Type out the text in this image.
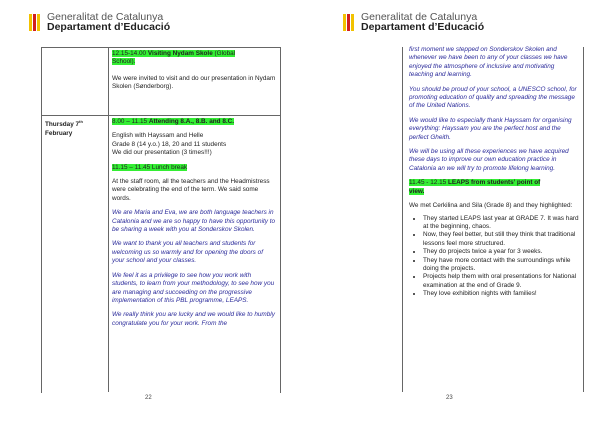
Generalitat de Catalunya
Departament d’Educació

12.15-14.00 Visiting Nydam Skole (Global
School).

We were invited to visit and do our presentation in Nydam Skolen (Sønderborg).

Thursday 7th
February

8.00 – 11.15 Attending 8.A., 8.B. and 8.C.

English with Hayssam and Helle

Grade 8 (14 y.o.) 18, 20 and 11 students

We did our presentation (3 times!!!)

11.15 – 11.45 Lunch break

At the staff room, all the teachers and the Headmistress were celebrating the end of the term. We said some words.

We are Maria and Eva, we are both language teachers in Catalonia and we are so happy to have this opportunity to be sharing a week with you at Sonderskov Skolen.

We want to thank you all teachers and students for welcoming us so warmly and for opening the doors of your school and your classes.

We feel it as a privilege to see how you work with students, to learn from your methodology, to see how you are managing and succeeding on the progressive implementation of this PBL programme, LEAPS.

We really think you are lucky and we would like to humbly congratulate you for your work. From the

22
Generalitat de Catalunya
Departament d’Educació

first moment we stepped on Sonderskov Skolen and whenever we have been to any of your classes we have enjoyed the atmosphere of inclusive and motivating teaching and learning.

You should be proud of your school, a UNESCO school, for promoting education of quality and spreading the message of the United Nations.

We would like to especially thank Hayssam for organising everything: Hayssam you are the perfect host and the perfect Gheith.

We will be using all these experiences we have acquired these days to improve our own education practice in Catalonia an we will try to promote lifelong learning.

11.45 - 12.15 LEAPS from students’ point of
view.

We met Cerkilina and Sila (Grade 8) and they highlighted:

• They started LEAPS last year at GRADE 7. It was hard at the beginning, chaos.
• Now, they feel better, but still they think that traditional lessons feel more structured.
• They do projects twice a year for 3 weeks.
• They have more contact with the surroundings while doing the projects.
• Projects help them with oral presentations for National examination at the end of Grade 9.
• They love exhibition nights with families!
23
